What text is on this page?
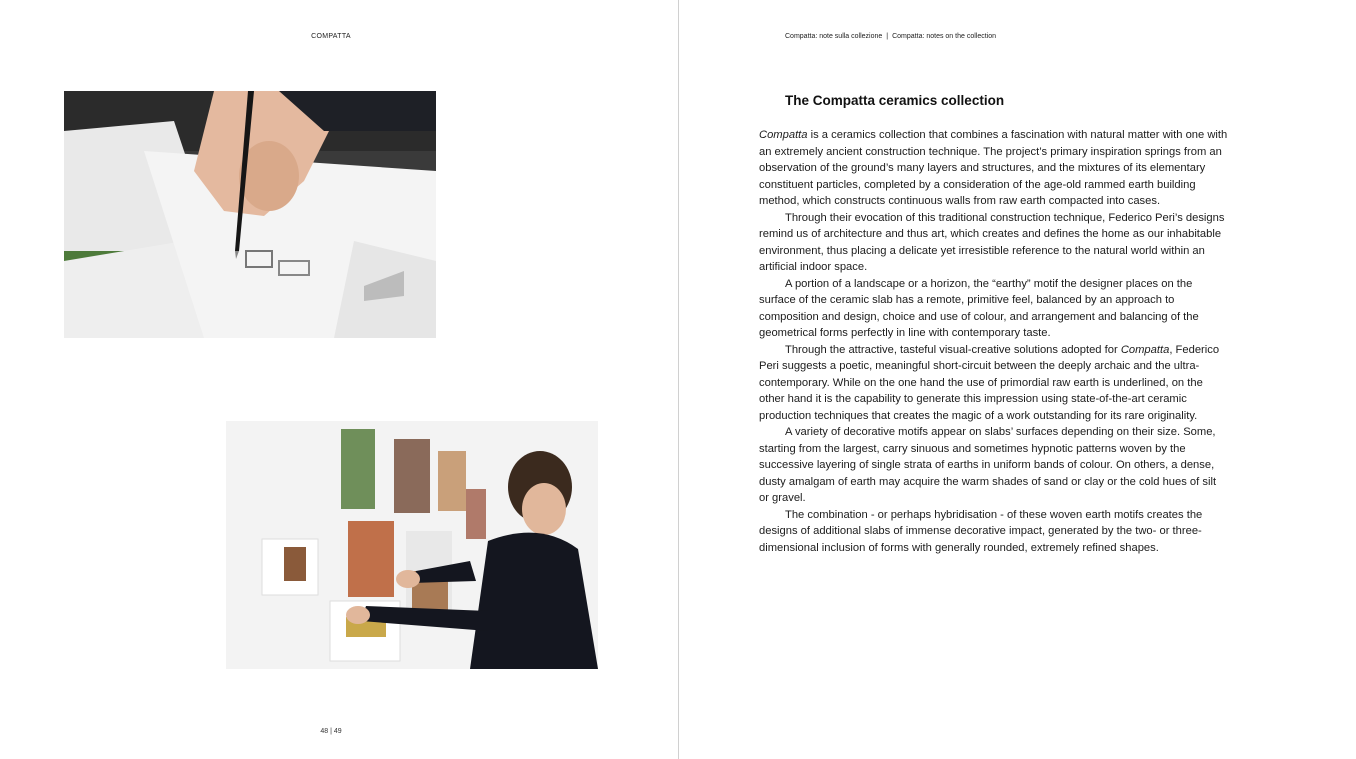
COMPATTA
48 | 49
Compatta: note sulla collezione | Compatta: notes on the collection
The Compatta ceramics collection

Compatta is a ceramics collection that combines a fascination with natural matter with one with an extremely ancient construction technique. The project’s primary inspiration springs from an observation of the ground’s many layers and structures, and the mixtures of its elementary constituent particles, completed by a consideration of the age-old rammed earth building method, which constructs continuous walls from raw earth compacted into cases.

Through their evocation of this traditional construction technique, Federico Peri’s designs remind us of architecture and thus art, which creates and defines the home as our inhabitable environment, thus placing a delicate yet irresistible reference to the natural world within an artificial indoor space.

A portion of a landscape or a horizon, the “earthy” motif the designer places on the surface of the ceramic slab has a remote, primitive feel, balanced by an approach to composition and design, choice and use of colour, and arrangement and balancing of the geometrical forms perfectly in line with contemporary taste.

Through the attractive, tasteful visual-creative solutions adopted for Compatta, Federico Peri suggests a poetic, meaningful short-circuit between the deeply archaic and the ultra-contemporary. While on the one hand the use of primordial raw earth is underlined, on the other hand it is the capability to generate this impression using state-of-the-art ceramic production techniques that creates the magic of a work outstanding for its rare originality.

A variety of decorative motifs appear on slabs’ surfaces depending on their size. Some, starting from the largest, carry sinuous and sometimes hypnotic patterns woven by the successive layering of single strata of earths in uniform bands of colour. On others, a dense, dusty amalgam of earth may acquire the warm shades of sand or clay or the cold hues of silt or gravel.

The combination - or perhaps hybridisation - of these woven earth motifs creates the designs of additional slabs of immense decorative impact, generated by the two- or three-dimensional inclusion of forms with generally rounded, extremely refined shapes.
